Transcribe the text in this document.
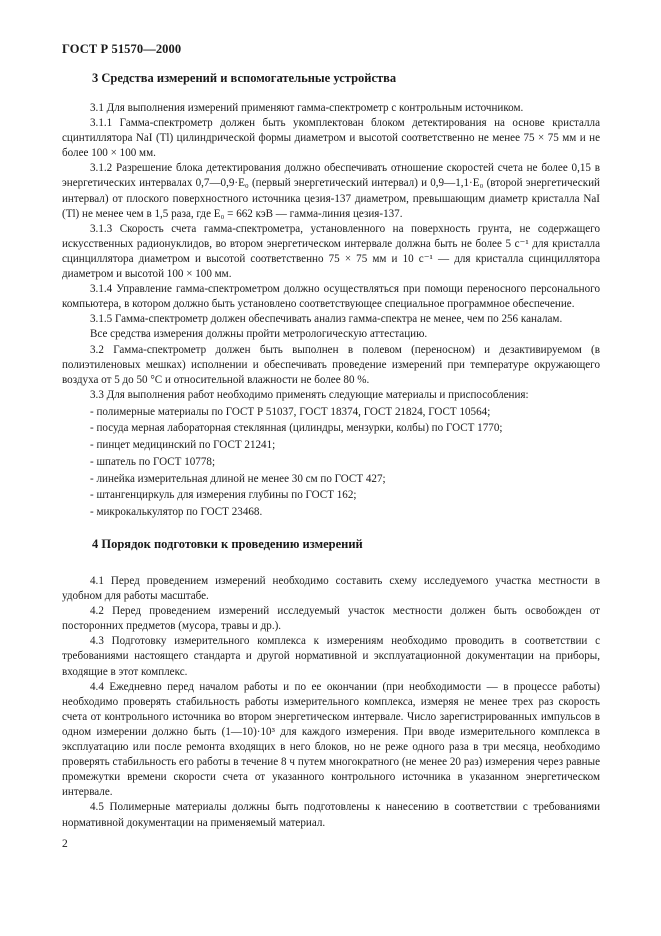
ГОСТ Р 51570—2000
3 Средства измерений и вспомогательные устройства

3.1 Для выполнения измерений применяют гамма-спектрометр с контрольным источником.

3.1.1 Гамма-спектрометр должен быть укомплектован блоком детектирования на основе кристалла сцинтиллятора NaI (Tl) цилиндрической формы диаметром и высотой соответственно не менее 75 × 75 мм и не более 100 × 100 мм.

3.1.2 Разрешение блока детектирования должно обеспечивать отношение скоростей счета не более 0,15 в энергетических интервалах 0,7—0,9·E₀ (первый энергетический интервал) и 0,9—1,1·E₀ (второй энергетический интервал) от плоского поверхностного источника цезия-137 диаметром, превышающим диаметр кристалла NaI (Tl) не менее чем в 1,5 раза, где E₀ = 662 кэВ — гамма-линия цезия-137.

3.1.3 Скорость счета гамма-спектрометра, установленного на поверхность грунта, не содержащего искусственных радионуклидов, во втором энергетическом интервале должна быть не более 5 с⁻¹ для кристалла сцинциллятора диаметром и высотой соответственно 75 × 75 мм и 10 с⁻¹ — для кристалла сцинциллятора диаметром и высотой 100 × 100 мм.

3.1.4 Управление гамма-спектрометром должно осуществляться при помощи переносного персонального компьютера, в котором должно быть установлено соответствующее специальное программное обеспечение.

3.1.5 Гамма-спектрометр должен обеспечивать анализ гамма-спектра не менее, чем по 256 каналам.

Все средства измерения должны пройти метрологическую аттестацию.

3.2 Гамма-спектрометр должен быть выполнен в полевом (переносном) и дезактивируемом (в полиэтиленовых мешках) исполнении и обеспечивать проведение измерений при температуре окружающего воздуха от 5 до 50 °С и относительной влажности не более 80 %.

3.3 Для выполнения работ необходимо применять следующие материалы и приспособления:

- полимерные материалы по ГОСТ Р 51037, ГОСТ 18374, ГОСТ 21824, ГОСТ 10564;

- посуда мерная лабораторная стеклянная (цилиндры, мензурки, колбы) по ГОСТ 1770;

- пинцет медицинский по ГОСТ 21241;

- шпатель по ГОСТ 10778;

- линейка измерительная длиной не менее 30 см по ГОСТ 427;

- штангенциркуль для измерения глубины по ГОСТ 162;

- микрокалькулятор по ГОСТ 23468.

4 Порядок подготовки к проведению измерений

4.1 Перед проведением измерений необходимо составить схему исследуемого участка местности в удобном для работы масштабе.

4.2 Перед проведением измерений исследуемый участок местности должен быть освобожден от посторонних предметов (мусора, травы и др.).

4.3 Подготовку измерительного комплекса к измерениям необходимо проводить в соответствии с требованиями настоящего стандарта и другой нормативной и эксплуатационной документации на приборы, входящие в этот комплекс.

4.4 Ежедневно перед началом работы и по ее окончании (при необходимости — в процессе работы) необходимо проверять стабильность работы измерительного комплекса, измеряя не менее трех раз скорость счета от контрольного источника во втором энергетическом интервале. Число зарегистрированных импульсов в одном измерении должно быть (1—10)·10³ для каждого измерения. При вводе измерительного комплекса в эксплуатацию или после ремонта входящих в него блоков, но не реже одного раза в три месяца, необходимо проверять стабильность его работы в течение 8 ч путем многократного (не менее 20 раз) измерения через равные промежутки времени скорости счета от указанного контрольного источника в указанном энергетическом интервале.

4.5 Полимерные материалы должны быть подготовлены к нанесению в соответствии с требованиями нормативной документации на применяемый материал.

2
